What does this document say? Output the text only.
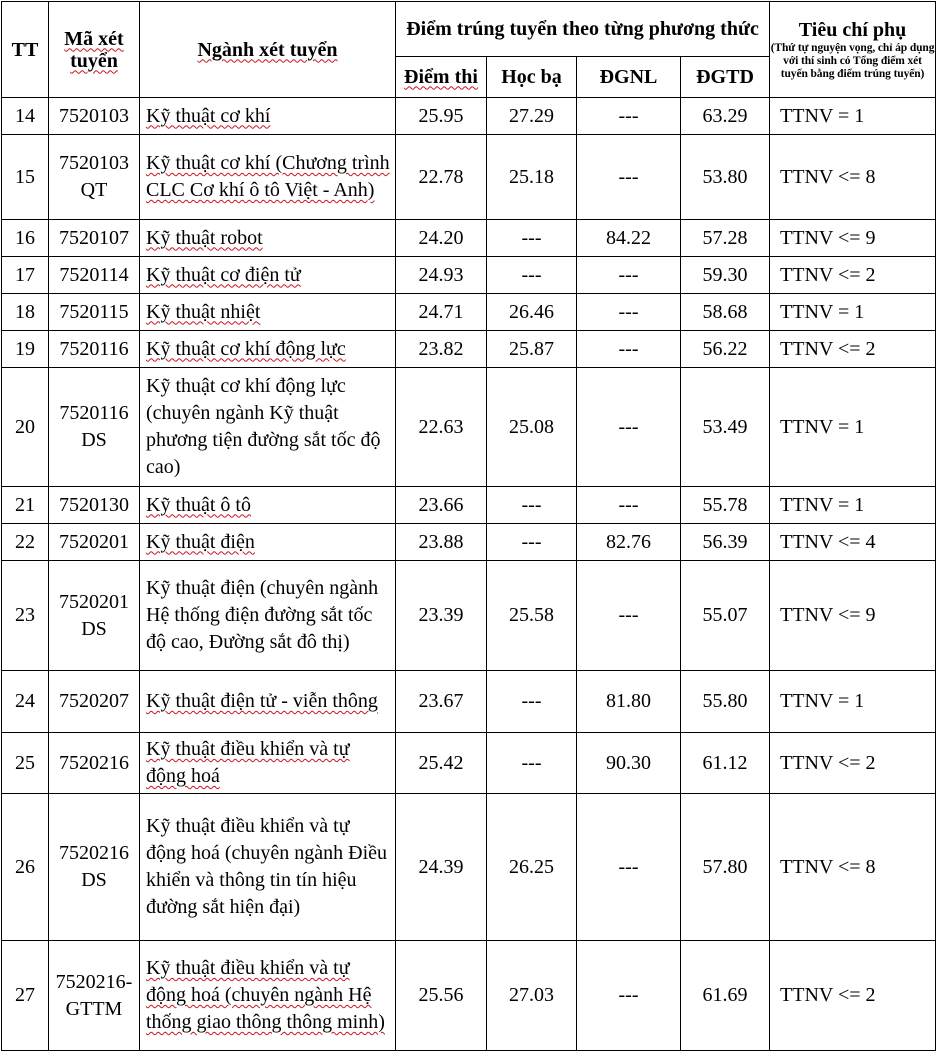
TT	Mã xét tuyển	Ngành xét tuyển	Điểm trúng tuyển theo từng phương thức				Tiêu chí phụ
(Thứ tự nguyện vọng, chỉ áp dụng với thí sinh có Tổng điểm xét tuyển bằng điểm trúng tuyển)

			Điểm thi	Học bạ	ĐGNL	ĐGTD	
14	7520103	Kỹ thuật cơ khí	25.95	27.29	---	63.29	TTNV = 1
15	7520103 QT	Kỹ thuật cơ khí (Chương trình CLC Cơ khí ô tô Việt - Anh)	22.78	25.18	---	53.80	TTNV <= 8
16	7520107	Kỹ thuật robot	24.20	---	84.22	57.28	TTNV <= 9
17	7520114	Kỹ thuật cơ điện tử	24.93	---	---	59.30	TTNV <= 2
18	7520115	Kỹ thuật nhiệt	24.71	26.46	---	58.68	TTNV = 1
19	7520116	Kỹ thuật cơ khí động lực	23.82	25.87	---	56.22	TTNV <= 2
20	7520116 DS	Kỹ thuật cơ khí động lực (chuyên ngành Kỹ thuật phương tiện đường sắt tốc độ cao)	22.63	25.08	---	53.49	TTNV = 1
21	7520130	Kỹ thuật ô tô	23.66	---	---	55.78	TTNV = 1
22	7520201	Kỹ thuật điện	23.88	---	82.76	56.39	TTNV <= 4
23	7520201 DS	Kỹ thuật điện (chuyên ngành Hệ thống điện đường sắt tốc độ cao, Đường sắt đô thị)	23.39	25.58	---	55.07	TTNV <= 9
24	7520207	Kỹ thuật điện tử - viễn thông	23.67	---	81.80	55.80	TTNV = 1
25	7520216	Kỹ thuật điều khiển và tự động hoá	25.42	---	90.30	61.12	TTNV <= 2
26	7520216 DS	Kỹ thuật điều khiển và tự động hoá (chuyên ngành Điều khiển và thông tin tín hiệu đường sắt hiện đại)	24.39	26.25	---	57.80	TTNV <= 8
27	7520216- GTTM	Kỹ thuật điều khiển và tự động hoá (chuyên ngành Hệ thống giao thông thông minh)	25.56	27.03	---	61.69	TTNV <= 2
